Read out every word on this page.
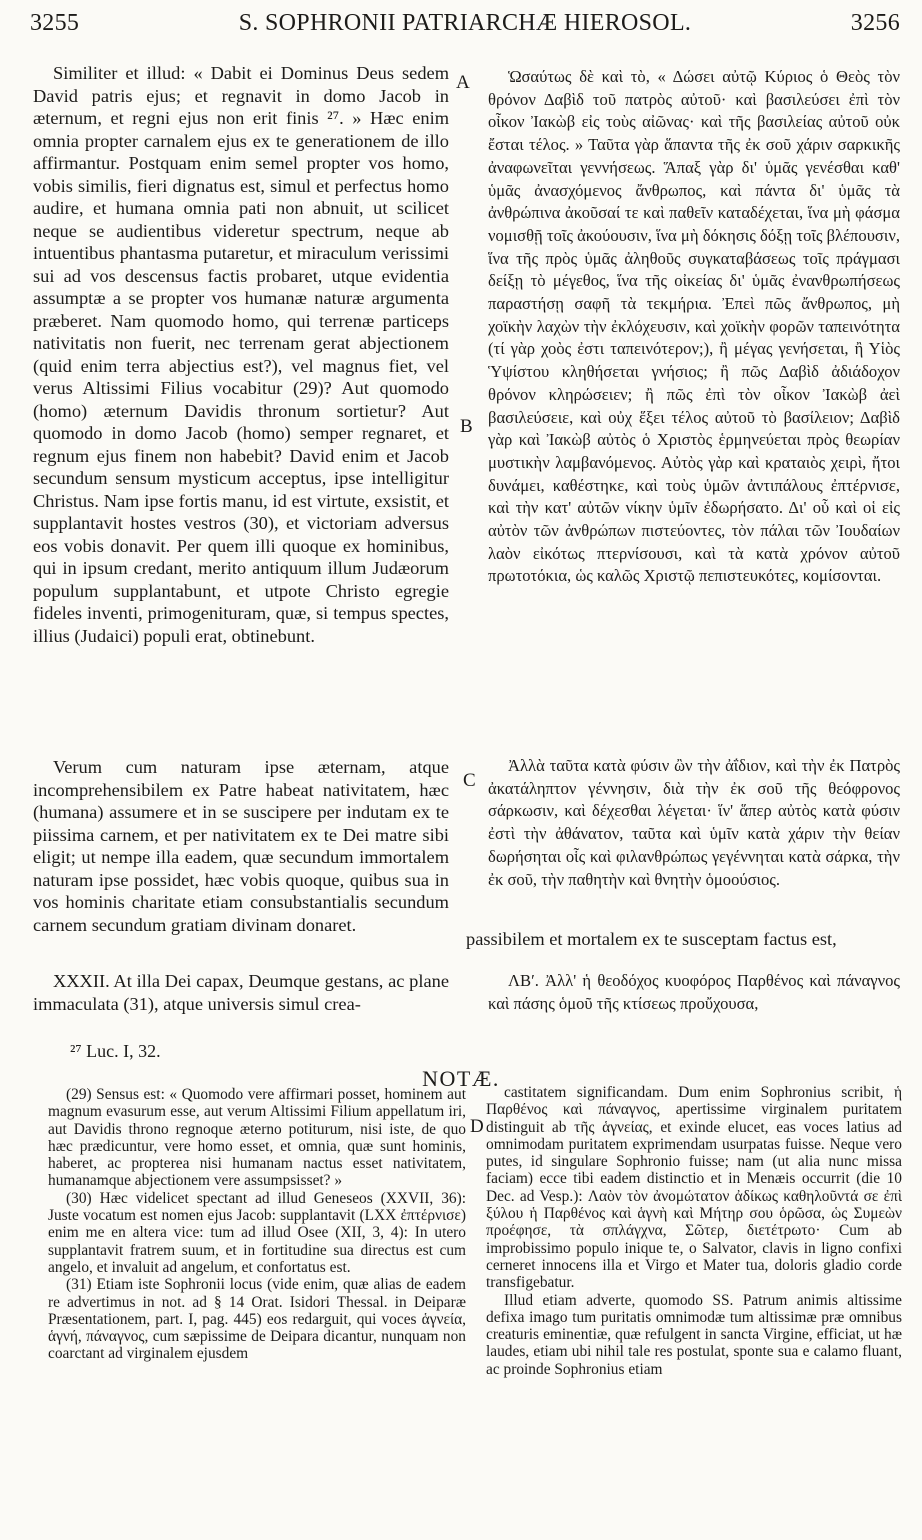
3255	S. SOPHRONII PATRIARCHÆ HIEROSOL.	3256

Similiter et illud: « Dabit ei Dominus Deus sedem David patris ejus; et regnavit in domo Jacob in æternum, et regni ejus non erit finis ²⁷. » Hæc enim omnia propter carnalem ejus ex te generationem de illo affirmantur. Postquam enim semel propter vos homo, vobis similis, fieri dignatus est, simul et perfectus homo audire, et humana omnia pati non abnuit, ut scilicet neque se audientibus videretur spectrum, neque ab intuentibus phantasma putaretur, et miraculum verissimi sui ad vos descensus factis probaret, utque evidentia assumptæ a se propter vos humanæ naturæ argumenta præberet. Nam quomodo homo, qui terrenæ particeps nativitatis non fuerit, nec terrenam gerat abjectionem (quid enim terra abjectius est?), vel magnus fiet, vel verus Altissimi Filius vocabitur (29)? Aut quomodo (homo) æternum Davidis thronum sortietur? Aut quomodo in domo Jacob (homo) semper regnaret, et regnum ejus finem non habebit? David enim et Jacob secundum sensum mysticum acceptus, ipse intelligitur Christus. Nam ipse fortis manu, id est virtute, exsistit, et supplantavit hostes vestros (30), et victoriam adversus eos vobis donavit. Per quem illi quoque ex hominibus, qui in ipsum credant, merito antiquum illum Judæorum populum supplantabunt, et utpote Christo egregie fideles inventi, primogenituram, quæ, si tempus spectes, illius (Judaici) populi erat, obtinebunt.

Verum cum naturam ipse æternam, atque incomprehensibilem ex Patre habeat nativitatem, hæc (humana) assumere et in se suscipere per indutam ex te piissima carnem, et per nativitatem ex te Dei matre sibi eligit; ut nempe illa eadem, quæ secundum immortalem naturam ipse possidet, hæc vobis quoque, quibus sua in vos hominis charitate etiam consubstantialis secundum carnem secundum gratiam divinam donaret.

XXXII. At illa Dei capax, Deumque gestans, ac plane immaculata (31), atque universis simul crea-

Ὡσαύτως δὲ καὶ τὸ, « Δώσει αὐτῷ Κύριος ὁ Θεὸς τὸν θρόνον Δαβὶδ τοῦ πατρὸς αὐτοῦ· καὶ βασιλεύσει ἐπὶ τὸν οἶκον Ἰακὼβ εἰς τοὺς αἰῶνας· καὶ τῆς βασιλείας αὐτοῦ οὐκ ἔσται τέλος. » Ταῦτα γὰρ ἅπαντα τῆς ἐκ σοῦ χάριν σαρκικῆς ἀναφωνεῖται γεννήσεως. Ἅπαξ γὰρ δι' ὑμᾶς γενέσθαι καθ' ὑμᾶς ἀνασχόμενος ἄνθρωπος, καὶ πάντα δι' ὑμᾶς τὰ ἀνθρώπινα ἀκοῦσαί τε καὶ παθεῖν καταδέχεται, ἵνα μὴ φάσμα νομισθῇ τοῖς ἀκούουσιν, ἵνα μὴ δόκησις δόξῃ τοῖς βλέπουσιν, ἵνα τῆς πρὸς ὑμᾶς ἀληθοῦς συγκαταβάσεως τοῖς πράγμασι δείξῃ τὸ μέγεθος, ἵνα τῆς οἰκείας δι' ὑμᾶς ἐνανθρωπήσεως παραστήσῃ σαφῆ τὰ τεκμήρια. Ἐπεὶ πῶς ἄνθρωπος, μὴ χοϊκὴν λαχὼν τὴν ἐκλόχευσιν, καὶ χοϊκὴν φορῶν ταπεινότητα (τί γὰρ χοὸς ἐστι ταπεινότερον;), ἢ μέγας γενήσεται, ἢ Υἱὸς Ὑψίστου κληθήσεται γνήσιος; ἢ πῶς Δαβὶδ ἀδιάδοχον θρόνον κληρώσειεν; ἢ πῶς ἐπὶ τὸν οἶκον Ἰακὼβ ἀεὶ βασιλεύσειε, καὶ οὐχ ἕξει τέλος αὐτοῦ τὸ βασίλειον; Δαβὶδ γὰρ καὶ Ἰακὼβ αὐτὸς ὁ Χριστὸς ἑρμηνεύεται πρὸς θεωρίαν μυστικὴν λαμβανόμενος. Αὐτὸς γὰρ καὶ κραταιὸς χειρὶ, ἤτοι δυνάμει, καθέστηκε, καὶ τοὺς ὑμῶν ἀντιπάλους ἐπτέρνισε, καὶ τὴν κατ' αὐτῶν νίκην ὑμῖν ἐδωρήσατο. Δι' οὗ καὶ οἱ εἰς αὐτὸν τῶν ἀνθρώπων πιστεύοντες, τὸν πάλαι τῶν Ἰουδαίων λαὸν εἰκότως πτερνίσουσι, καὶ τὰ κατὰ χρόνον αὐτοῦ πρωτοτόκια, ὡς καλῶς Χριστῷ πεπιστευκότες, κομίσονται.

Ἀλλὰ ταῦτα κατὰ φύσιν ὢν τὴν ἀΐδιον, καὶ τὴν ἐκ Πατρὸς ἀκατάληπτον γέννησιν, διὰ τὴν ἐκ σοῦ τῆς θεόφρονος σάρκωσιν, καὶ δέχεσθαι λέγεται· ἵν' ἅπερ αὐτὸς κατὰ φύσιν ἐστὶ τὴν ἀθάνατον, ταῦτα καὶ ὑμῖν κατὰ χάριν τὴν θείαν δωρήσηται οἷς καὶ φιλανθρώπως γεγέννηται κατὰ σάρκα, τὴν ἐκ σοῦ, τὴν παθητὴν καὶ θνητὴν ὁμοούσιος.

passibilem et mortalem ex te susceptam factus est,

ΛΒʹ. Ἀλλ' ἡ θεοδόχος κυοφόρος Παρθένος καὶ πάναγνος καὶ πάσης ὁμοῦ τῆς κτίσεως προὔχουσα,

A
B
C
D
²⁷ Luc. I, 32.
NOTÆ.

(29) Sensus est: « Quomodo vere affirmari posset, hominem aut magnum evasurum esse, aut verum Altissimi Filium appellatum iri, aut Davidis throno regnoque æterno potiturum, nisi iste, de quo hæc prædicuntur, vere homo esset, et omnia, quæ sunt hominis, haberet, ac propterea nisi humanam nactus esset nativitatem, humanamque abjectionem vere assumpsisset? »

(30) Hæc videlicet spectant ad illud Geneseos (XXVII, 36): Juste vocatum est nomen ejus Jacob: supplantavit (LXX ἐπτέρνισε) enim me en altera vice: tum ad illud Osee (XII, 3, 4): In utero supplantavit fratrem suum, et in fortitudine sua directus est cum angelo, et invaluit ad angelum, et confortatus est.

(31) Etiam iste Sophronii locus (vide enim, quæ alias de eadem re advertimus in not. ad § 14 Orat. Isidori Thessal. in Deiparæ Præsentationem, part. I, pag. 445) eos redarguit, qui voces ἁγνεία, ἁγνή, πάναγνος, cum sæpissime de Deipara dicantur, nunquam non coarctant ad virginalem ejusdem

castitatem significandam. Dum enim Sophronius scribit, ἡ Παρθένος καὶ πάναγνος, apertissime virginalem puritatem distinguit ab τῆς ἁγνείας, et exinde elucet, eas voces latius ad omnimodam puritatem exprimendam usurpatas fuisse. Neque vero putes, id singulare Sophronio fuisse; nam (ut alia nunc missa faciam) ecce tibi eadem distinctio et in Menæis occurrit (die 10 Dec. ad Vesp.): Λαὸν τὸν ἀνομώτατον ἀδίκως καθηλοῦντά σε ἐπὶ ξύλου ἡ Παρθένος καὶ ἁγνὴ καὶ Μήτηρ σου ὁρῶσα, ὡς Συμεὼν προέφησε, τὰ σπλάγχνα, Σῶτερ, διετέτρωτο· Cum ab improbissimo populo inique te, o Salvator, clavis in ligno confixi cerneret innocens illa et Virgo et Mater tua, doloris gladio corde transfigebatur.

Illud etiam adverte, quomodo SS. Patrum animis altissime defixa imago tum puritatis omnimodæ tum altissimæ præ omnibus creaturis eminentiæ, quæ refulgent in sancta Virgine, efficiat, ut hæ laudes, etiam ubi nihil tale res postulat, sponte sua e calamo fluant, ac proinde Sophronius etiam
